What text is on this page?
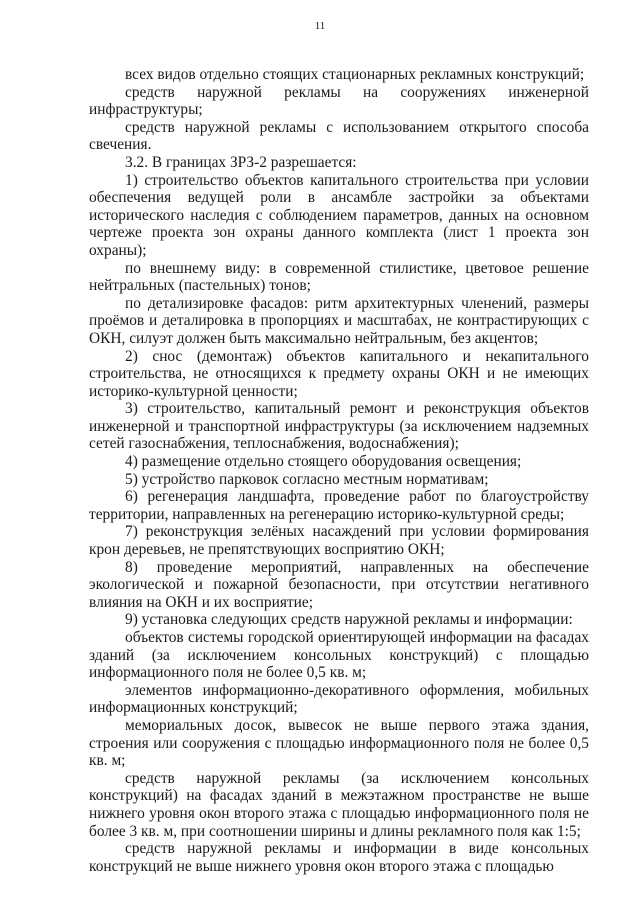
11

всех видов отдельно стоящих стационарных рекламных конструкций;

средств наружной рекламы на сооружениях инженерной инфраструктуры;

средств наружной рекламы с использованием открытого способа свечения.

3.2. В границах ЗРЗ-2 разрешается:

1) строительство объектов капитального строительства при условии обеспечения ведущей роли в ансамбле застройки за объектами исторического наследия с соблюдением параметров, данных на основном чертеже проекта зон охраны данного комплекта (лист 1 проекта зон охраны);

по внешнему виду: в современной стилистике, цветовое решение нейтральных (пастельных) тонов;

по детализировке фасадов: ритм архитектурных членений, размеры проёмов и деталировка в пропорциях и масштабах, не контрастирующих с ОКН, силуэт должен быть максимально нейтральным, без акцентов;

2) снос (демонтаж) объектов капитального и некапитального строительства, не относящихся к предмету охраны ОКН и не имеющих историко-культурной ценности;

3) строительство, капитальный ремонт и реконструкция объектов инженерной и транспортной инфраструктуры (за исключением надземных сетей газоснабжения, теплоснабжения, водоснабжения);

4) размещение отдельно стоящего оборудования освещения;

5) устройство парковок согласно местным нормативам;

6) регенерация ландшафта, проведение работ по благоустройству территории, направленных на регенерацию историко-культурной среды;

7) реконструкция зелёных насаждений при условии формирования крон деревьев, не препятствующих восприятию ОКН;

8) проведение мероприятий, направленных на обеспечение экологической и пожарной безопасности, при отсутствии негативного влияния на ОКН и их восприятие;

9) установка следующих средств наружной рекламы и информации:

объектов системы городской ориентирующей информации на фасадах зданий (за исключением консольных конструкций) с площадью информационного поля не более 0,5 кв. м;

элементов информационно-декоративного оформления, мобильных информационных конструкций;

мемориальных досок, вывесок не выше первого этажа здания, строения или сооружения с площадью информационного поля не более 0,5 кв. м;

средств наружной рекламы (за исключением консольных конструкций) на фасадах зданий в межэтажном пространстве не выше нижнего уровня окон второго этажа с площадью информационного поля не более 3 кв. м, при соотношении ширины и длины рекламного поля как 1:5;

средств наружной рекламы и информации в виде консольных конструкций не выше нижнего уровня окон второго этажа с площадью
